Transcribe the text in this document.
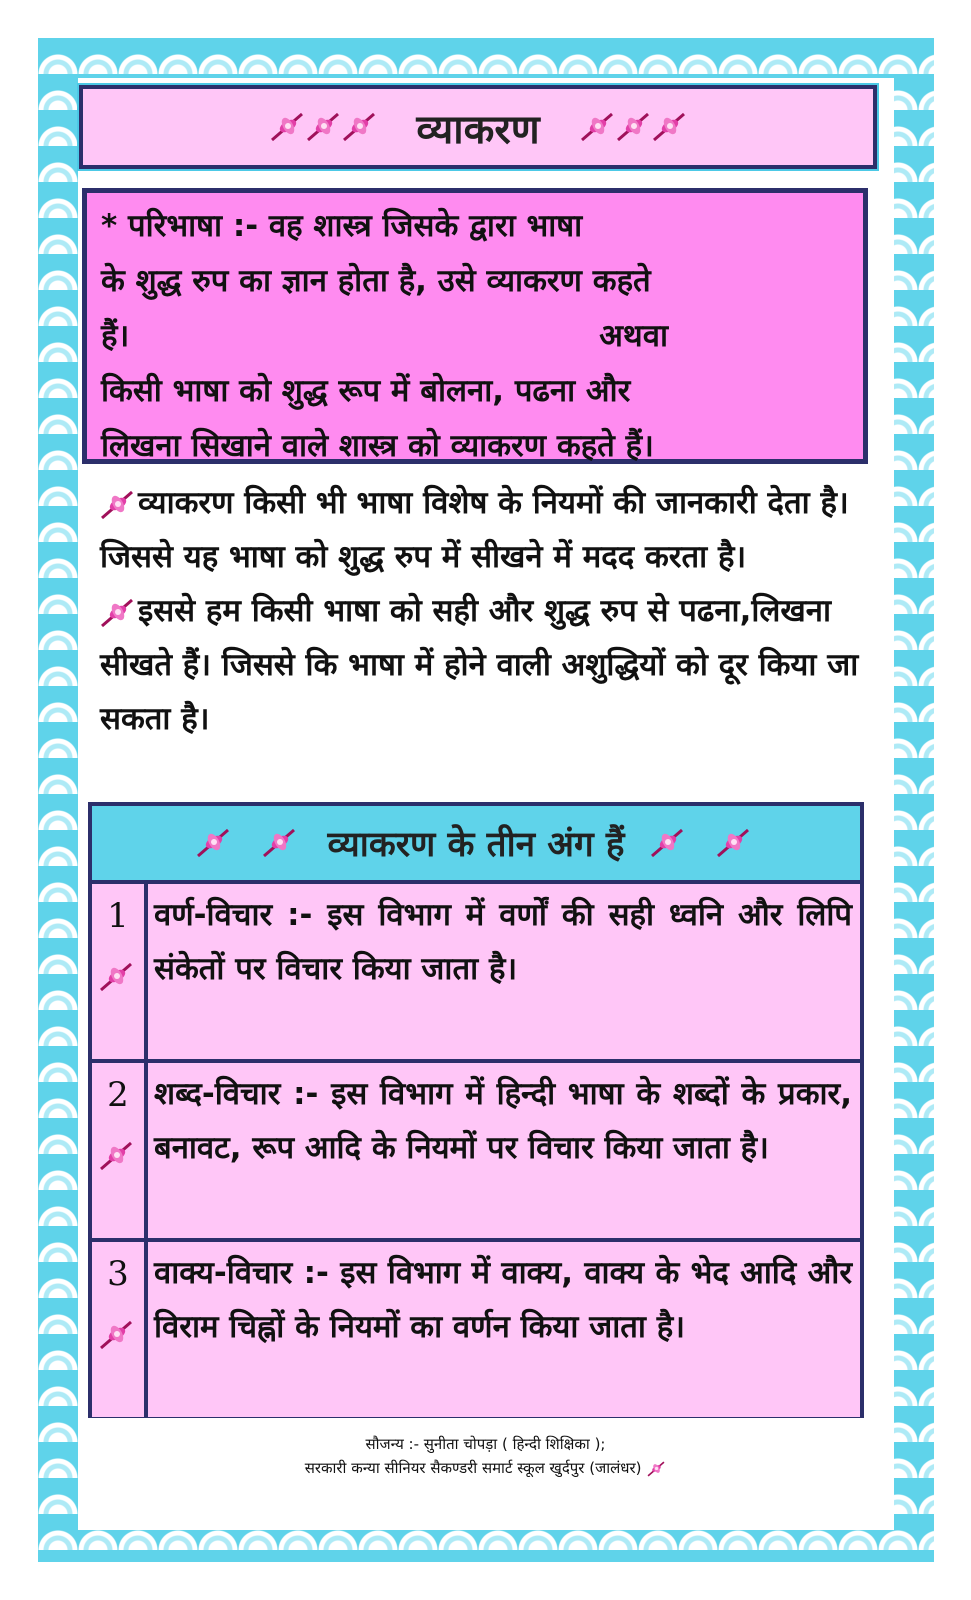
व्याकरण

* परिभाषा :- वह शास्त्र जिसके द्वारा भाषा

के शुद्ध रुप का ज्ञान होता है, उसे व्याकरण कहते

हैं।	अथवा

किसी भाषा को शुद्ध रूप में बोलना, पढना और

लिखना सिखाने वाले शास्त्र को व्याकरण कहते हैं।

व्याकरण किसी भी भाषा विशेष के नियमों की जानकारी देता है। जिससे यह भाषा को शुद्ध रुप में सीखने में मदद करता है।

इससे हम किसी भाषा को सही और शुद्ध रुप से पढना,लिखना सीखते हैं। जिससे कि भाषा में होने वाली अशुद्धियों को दूर किया जा सकता है।

व्याकरण के तीन अंग हैं
1 वर्ण-विचार :- इस विभाग में वर्णों की सही ध्वनि और लिपि संकेतों पर विचार किया जाता है।
2 शब्द-विचार :- इस विभाग में हिन्दी भाषा के शब्दों के प्रकार, बनावट, रूप आदि के नियमों पर विचार किया जाता है।
3 वाक्य-विचार :- इस विभाग में वाक्य, वाक्य के भेद आदि और विराम चिह्नों के नियमों का वर्णन किया जाता है।
सौजन्य :- सुनीता चोपड़ा ( हिन्दी शिक्षिका );
सरकारी कन्या सीनियर सैकण्डरी समार्ट स्कूल खुर्दपुर (जालंधर)
